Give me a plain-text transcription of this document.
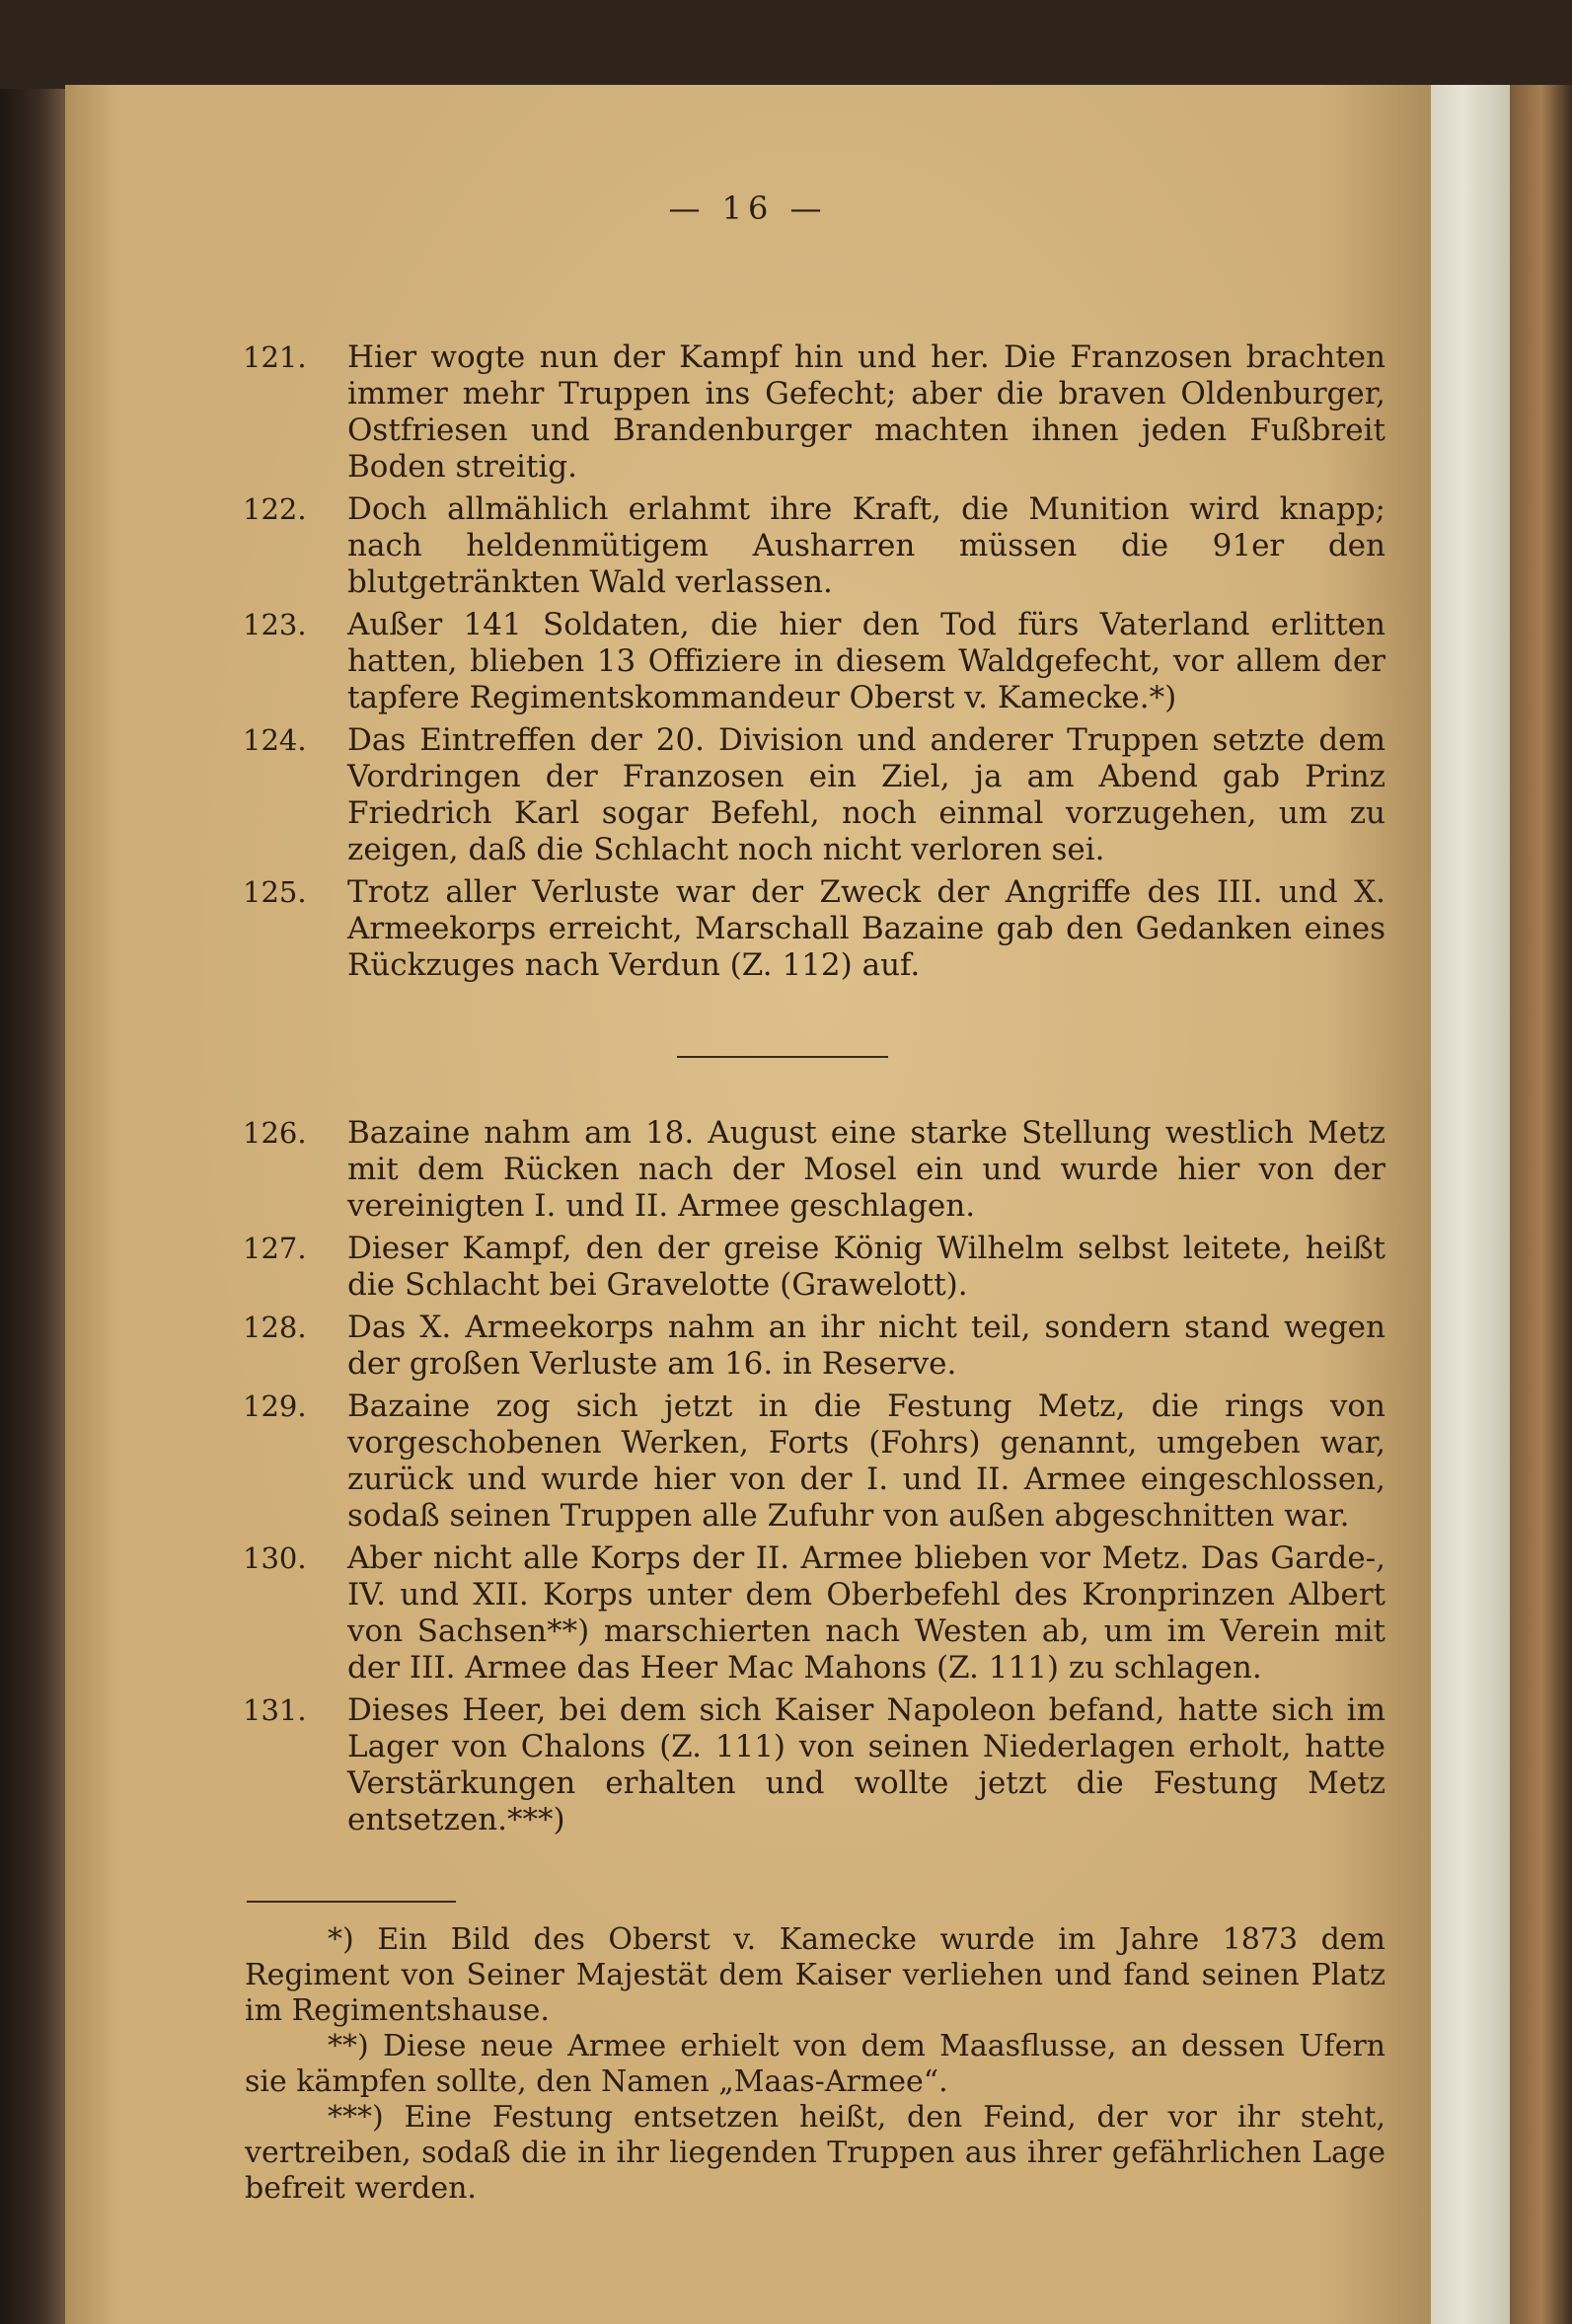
— 16 —
121. Hier wogte nun der Kampf hin und her. Die Franzosen brachten immer mehr Truppen ins Gefecht; aber die braven Oldenburger, Ostfriesen und Brandenburger machten ihnen jeden Fußbreit Boden streitig.
122. Doch allmählich erlahmt ihre Kraft, die Munition wird knapp; nach heldenmütigem Ausharren müssen die 91er den blutgetränkten Wald verlassen.
123. Außer 141 Soldaten, die hier den Tod fürs Vaterland erlitten hatten, blieben 13 Offiziere in diesem Waldgefecht, vor allem der tapfere Regimentskommandeur Oberst v. Kamecke.*)
124. Das Eintreffen der 20. Division und anderer Truppen setzte dem Vordringen der Franzosen ein Ziel, ja am Abend gab Prinz Friedrich Karl sogar Befehl, noch einmal vorzugehen, um zu zeigen, daß die Schlacht noch nicht verloren sei.
125. Trotz aller Verluste war der Zweck der Angriffe des III. und X. Armeekorps erreicht, Marschall Bazaine gab den Gedanken eines Rückzuges nach Verdun (Z. 112) auf.
126. Bazaine nahm am 18. August eine starke Stellung westlich Metz mit dem Rücken nach der Mosel ein und wurde hier von der vereinigten I. und II. Armee geschlagen.
127. Dieser Kampf, den der greise König Wilhelm selbst leitete, heißt die Schlacht bei Gravelotte (Grawelott).
128. Das X. Armeekorps nahm an ihr nicht teil, sondern stand wegen der großen Verluste am 16. in Reserve.
129. Bazaine zog sich jetzt in die Festung Metz, die rings von vorgeschobenen Werken, Forts (Fohrs) genannt, umgeben war, zurück und wurde hier von der I. und II. Armee eingeschlossen, sodaß seinen Truppen alle Zufuhr von außen abgeschnitten war.
130. Aber nicht alle Korps der II. Armee blieben vor Metz. Das Garde-, IV. und XII. Korps unter dem Oberbefehl des Kronprinzen Albert von Sachsen**) marschierten nach Westen ab, um im Verein mit der III. Armee das Heer Mac Mahons (Z. 111) zu schlagen.
131. Dieses Heer, bei dem sich Kaiser Napoleon befand, hatte sich im Lager von Chalons (Z. 111) von seinen Niederlagen erholt, hatte Verstärkungen erhalten und wollte jetzt die Festung Metz entsetzen.***)

*) Ein Bild des Oberst v. Kamecke wurde im Jahre 1873 dem Regiment von Seiner Majestät dem Kaiser verliehen und fand seinen Platz im Regimentshause.

**) Diese neue Armee erhielt von dem Maasflusse, an dessen Ufern sie kämpfen sollte, den Namen „Maas-Armee“.

***) Eine Festung entsetzen heißt, den Feind, der vor ihr steht, vertreiben, sodaß die in ihr liegenden Truppen aus ihrer gefährlichen Lage befreit werden.
